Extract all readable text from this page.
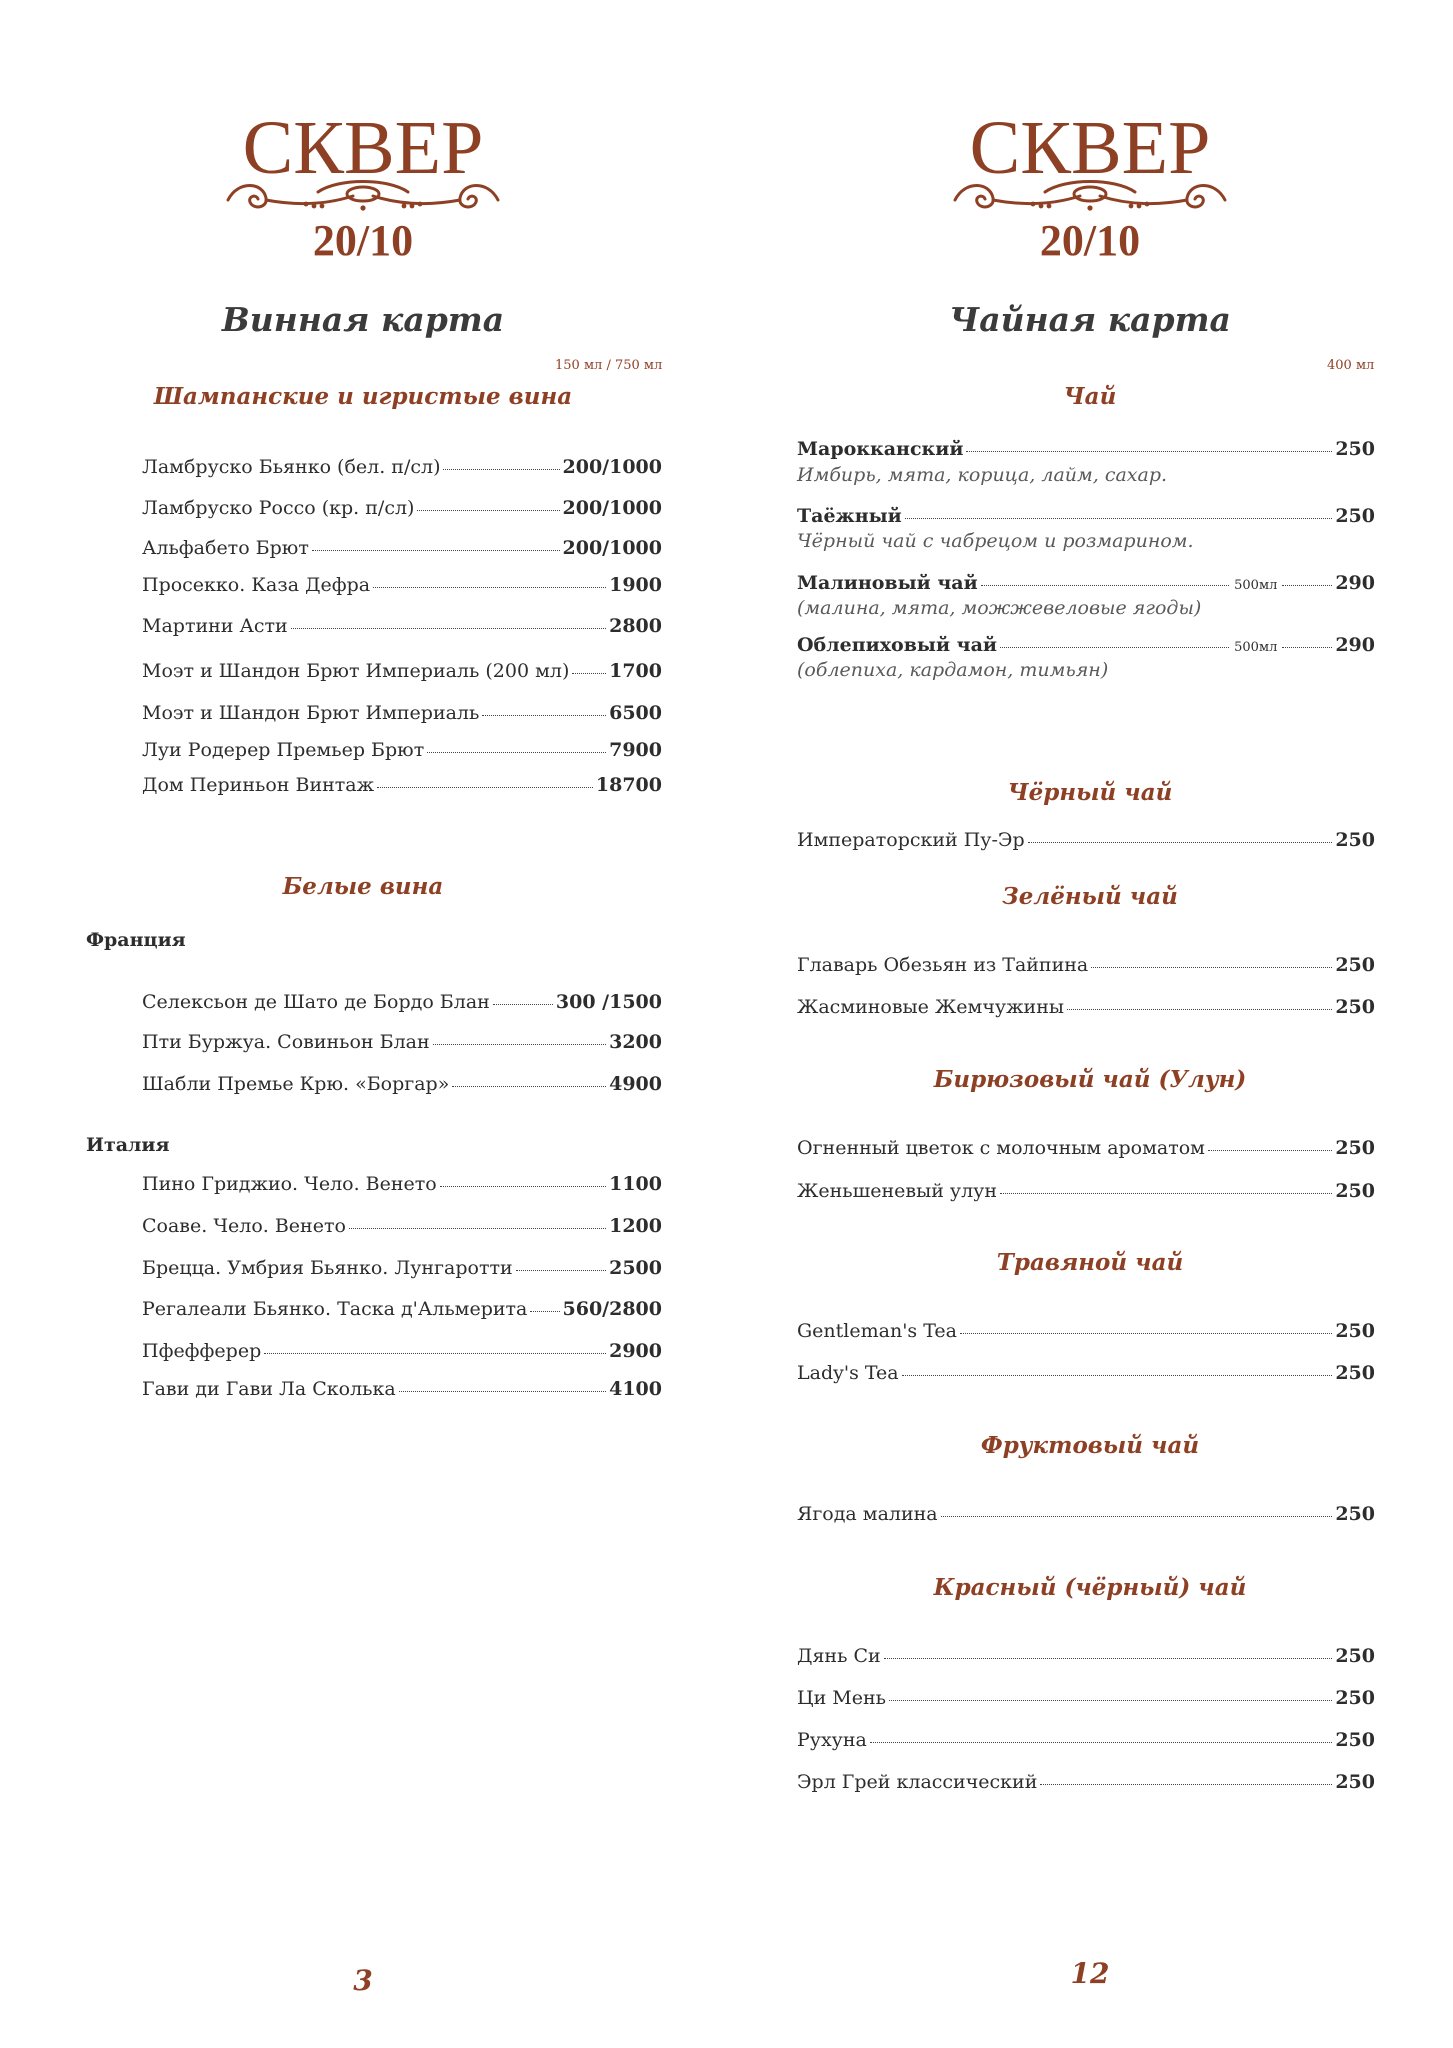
СКВЕР
20/10
Винная карта
150 мл / 750 мл
Шампанские и игристые вина
Ламбруско Бьянко (бел. п/сл)	200/1000
Ламбруско Россо (кр. п/сл)	200/1000
Альфабето Брют	200/1000
Просекко. Каза Дефра	1900
Мартини Асти	2800
Моэт и Шандон Брют Империаль (200 мл) 1700
Моэт и Шандон Брют Империаль	6500
Луи Родерер Премьер Брют	7900
Дом Периньон Винтаж	18700
Белые вина
Франция
Селексьон де Шато де Бордо Блан	300 /1500
Пти Буржуа. Совиньон Блан	3200
Шабли Премье Крю. «Боргар»	4900
Италия
Пино Гриджио. Чело. Венето	1100
Соаве. Чело. Венето	1200
Брецца. Умбрия Бьянко. Лунгаротти	2500
Регалеали Бьянко. Таска д'Альмерита 560/2800
Пфефферер	2900
Гави ди Гави Ла Сколька	4100
3
СКВЕР
20/10
Чайная карта
400 мл
Чай
Марокканский	250
Имбирь, мята, корица, лайм, сахар.
Таёжный	250
Чёрный чай с чабрецом и розмарином.
Малиновый чай	500мл	290
(малина, мята, можжевеловые ягоды)
Облепиховый чай	500мл	290
(облепиха, кардамон, тимьян)
Чёрный чай
Императорский Пу-Эр	250
Зелёный чай
Главарь Обезьян из Тайпина	250
Жасминовые Жемчужины	250
Бирюзовый чай (Улун)
Огненный цветок с молочным ароматом	250
Женьшеневый улун	250
Травяной чай
Gentleman's Tea	250
Lady's Tea	250
Фруктовый чай
Ягода малина	250
Красный (чёрный) чай
Дянь Си	250
Ци Мень	250
Рухуна	250
Эрл Грей классический	250
12
